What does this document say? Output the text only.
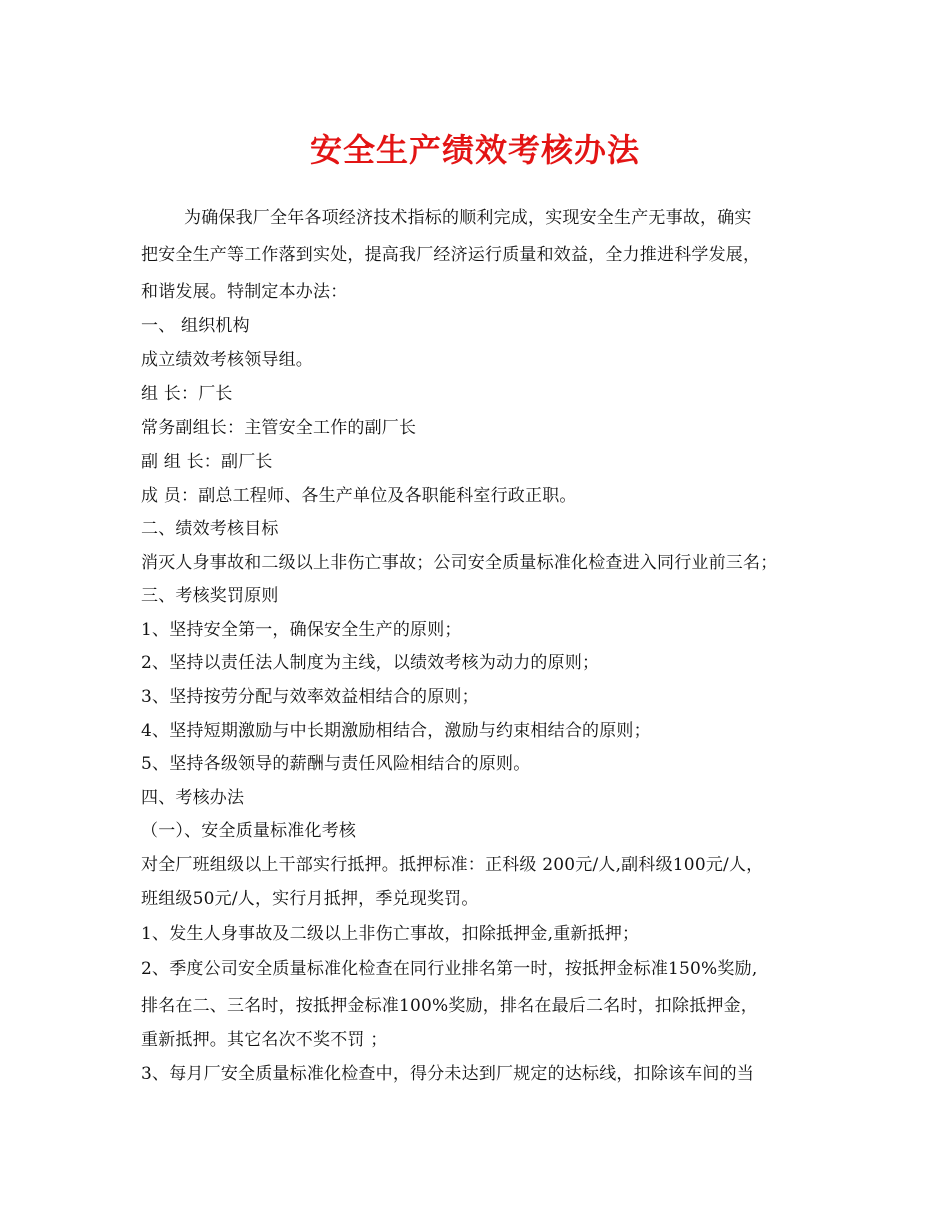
安全生产绩效考核办法
为确保我厂全年各项经济技术指标的顺利完成，实现安全生产无事故，确实
把安全生产等工作落到实处，提高我厂经济运行质量和效益，全力推进科学发展，
和谐发展。特制定本办法：
一、 组织机构
成立绩效考核领导组。
组 长：厂长
常务副组长：主管安全工作的副厂长
副 组 长：副厂长
成 员：副总工程师、各生产单位及各职能科室行政正职。
二、绩效考核目标
消灭人身事故和二级以上非伤亡事故；公司安全质量标准化检查进入同行业前三名；
三、考核奖罚原则
1、坚持安全第一，确保安全生产的原则；
2、坚持以责任法人制度为主线，以绩效考核为动力的原则；
3、坚持按劳分配与效率效益相结合的原则；
4、坚持短期激励与中长期激励相结合，激励与约束相结合的原则；
5、坚持各级领导的薪酬与责任风险相结合的原则。
四、考核办法
（一）、安全质量标准化考核
对全厂班组级以上干部实行抵押。抵押标准：正科级 200元/人,副科级100元/人，
班组级50元/人，实行月抵押，季兑现奖罚。
1、发生人身事故及二级以上非伤亡事故，扣除抵押金,重新抵押；
2、季度公司安全质量标准化检查在同行业排名第一时，按抵押金标准150%奖励,
排名在二、三名时，按抵押金标准100%奖励，排名在最后二名时，扣除抵押金，
重新抵押。其它名次不奖不罚 ；
3、每月厂安全质量标准化检查中，得分未达到厂规定的达标线，扣除该车间的当
